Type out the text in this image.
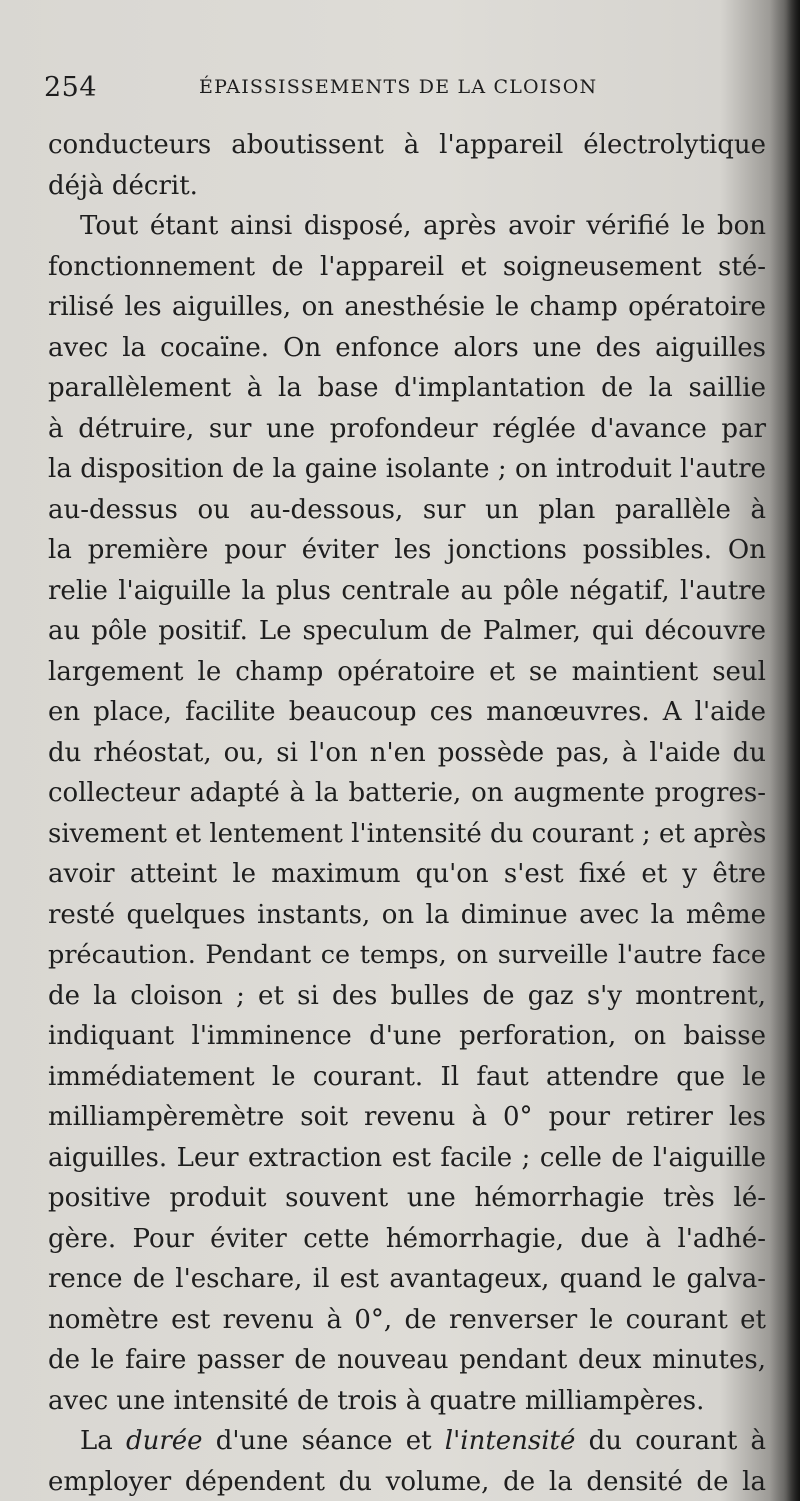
254	ÉPAISSISSEMENTS DE LA CLOISON
conducteurs aboutissent à l'appareil électrolytique
déjà décrit.
Tout étant ainsi disposé, après avoir vérifié le bon
fonctionnement de l'appareil et soigneusement sté-
rilisé les aiguilles, on anesthésie le champ opératoire
avec la cocaïne. On enfonce alors une des aiguilles
parallèlement à la base d'implantation de la saillie
à détruire, sur une profondeur réglée d'avance par
la disposition de la gaine isolante ; on introduit l'autre
au-dessus ou au-dessous, sur un plan parallèle à
la première pour éviter les jonctions possibles. On
relie l'aiguille la plus centrale au pôle négatif, l'autre
au pôle positif. Le speculum de Palmer, qui découvre
largement le champ opératoire et se maintient seul
en place, facilite beaucoup ces manœuvres. A l'aide
du rhéostat, ou, si l'on n'en possède pas, à l'aide du
collecteur adapté à la batterie, on augmente progres-
sivement et lentement l'intensité du courant ; et après
avoir atteint le maximum qu'on s'est fixé et y être
resté quelques instants, on la diminue avec la même
précaution. Pendant ce temps, on surveille l'autre face
de la cloison ; et si des bulles de gaz s'y montrent,
indiquant l'imminence d'une perforation, on baisse
immédiatement le courant. Il faut attendre que le
milliampèremètre soit revenu à 0° pour retirer les
aiguilles. Leur extraction est facile ; celle de l'aiguille
positive produit souvent une hémorrhagie très lé-
gère. Pour éviter cette hémorrhagie, due à l'adhé-
rence de l'eschare, il est avantageux, quand le galva-
nomètre est revenu à 0°, de renverser le courant et
de le faire passer de nouveau pendant deux minutes,
avec une intensité de trois à quatre milliampères.
La durée d'une séance et l'intensité du courant à
employer dépendent du volume, de la densité de la
